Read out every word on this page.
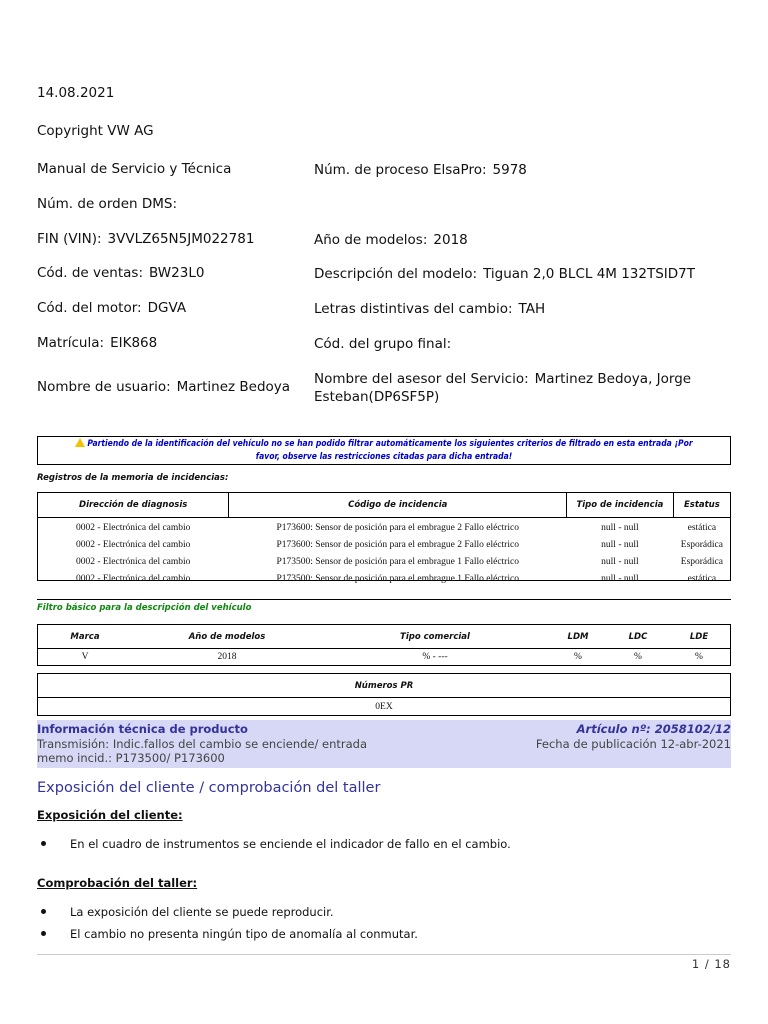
14.08.2021
Copyright VW AG
Manual de Servicio y Técnica	Núm. de proceso ElsaPro: 5978
Núm. de orden DMS:
FIN (VIN): 3VVLZ65N5JM022781	Año de modelos: 2018
Cód. de ventas: BW23L0	Descripción del modelo: Tiguan 2,0 BLCL 4M 132TSID7T
Cód. del motor: DGVA	Letras distintivas del cambio: TAH
Matrícula: EIK868	Cód. del grupo final:
Nombre de usuario: Martinez Bedoya	Nombre del asesor del Servicio: Martinez Bedoya, Jorge Esteban(DP6SF5P)
Partiendo de la identificación del vehículo no se han podido filtrar automáticamente los siguientes criterios de filtrado en esta entrada ¡Por
favor, observe las restricciones citadas para dicha entrada!
Registros de la memoria de incidencias:
Dirección de diagnosis	Código de incidencia	Tipo de incidencia	Estatus
0002 - Electrónica del cambio	P173600: Sensor de posición para el embrague 2 Fallo eléctrico	null - null	estática
0002 - Electrónica del cambio	P173600: Sensor de posición para el embrague 2 Fallo eléctrico	null - null	Esporádica
0002 - Electrónica del cambio	P173500: Sensor de posición para el embrague 1 Fallo eléctrico	null - null	Esporádica
0002 - Electrónica del cambio	P173500: Sensor de posición para el embrague 1 Fallo eléctrico	null - null	estática
Filtro básico para la descripción del vehículo
Marca	Año de modelos	Tipo comercial	LDM	LDC	LDE
V	2018	% - ---	%	%	%
Números PR
0EX
Información técnica de producto
Transmisión: Indic.fallos del cambio se enciende/ entrada memo incid.: P173500/ P173600
Artículo nº: 2058102/12
Fecha de publicación 12-abr-2021
Exposición del cliente / comprobación del taller
Exposición del cliente:
En el cuadro de instrumentos se enciende el indicador de fallo en el cambio.
Comprobación del taller:
La exposición del cliente se puede reproducir.
El cambio no presenta ningún tipo de anomalía al conmutar.
1 / 18
